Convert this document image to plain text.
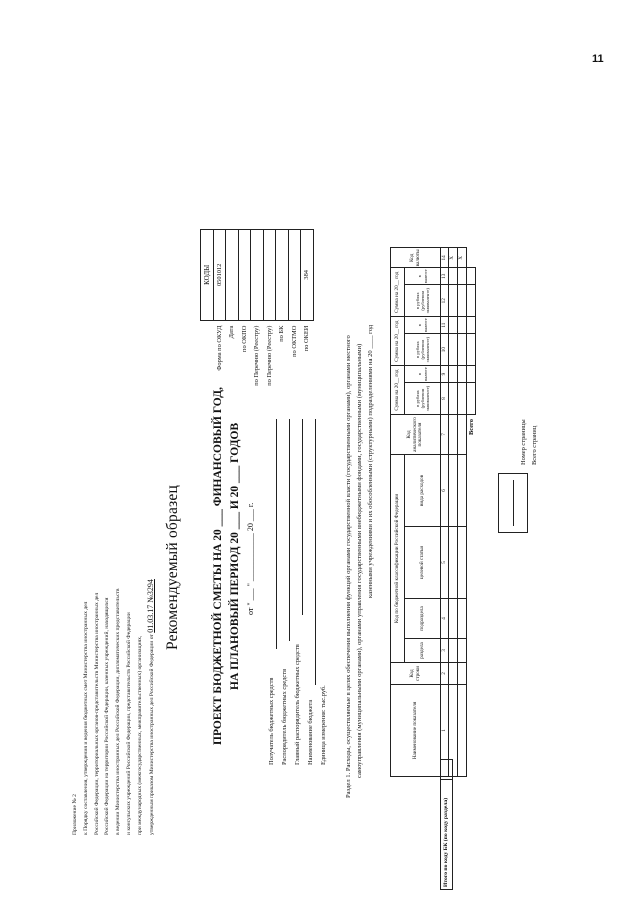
11
Приложение № 2 к Порядку составления, утверждения и ведения бюджетных смет Министерства иностранных дел Российской Федерации, территориальных органов-представительств Министерства иностранных дел Российской Федерации на территории Российской Федерации, казенных учреждений, находящихся в ведении Министерства иностранных дел Российской Федерации, дипломатических представительств и консульских учреждений Российской Федерации, представительств Российской Федерации при международных (межгосударственных, межправительственных) организациях,	утвержденным приказом Министерства иностранных дел Российской Федерации от 01.03.17 №3294 Рекомендуемый образец	ПРОЕКТ БЮДЖЕТНОЙ СМЕТЫ НА 20 ___ ФИНАНСОВЫЙ ГОД, НА ПЛАНОВЫЙ ПЕРИОД 20 ___ И 20 ___ ГОДОВ от " ___ " ____________ 20 ___ г.
	КОДЫ
Форма по ОКУД	0501012
Дата	
по ОКПО	
по Перечню (Реестру)	
по Перечню (Реестру)	
по БК	
по ОКТМО	
по ОКЕИ	384
Получатель бюджетных средств Распорядитель бюджетных средств Главный распорядитель бюджетных средств Наименование бюджета Единица измерения: тыс.руб.	Раздел 1. Расходы, осуществляемые в целях обеспечения выполнения функций органами государственной власти (государственными органами), органами местного самоуправления (муниципальными органами), органами управления государственными внебюджетными фондами, государственными (муниципальными) казенными учреждениями и их обособленными (структурными) подразделениями на 20 ____ год
Наименование показателя	Код строки	Код по бюджетной классификации Российской Федерации				Код аналитического показателя	Сумма на 20__ год		Сумма на 20__ год		Сумма на 20__ год		Код валюты
		раздела	подраздела	целевой статьи	вида расходов		в рублях (рублевом эквиваленте)	в валюте	в рублях (рублевом эквиваленте)	в валюте	в рублях (рублевом эквиваленте)	в валюте	

1	2	3	4	5	6	7	8	9	10	11	12	13	14
													X
													X
Всего													
Итого по коду БК (по коду раздела)	
Номер страницы Всего страниц
